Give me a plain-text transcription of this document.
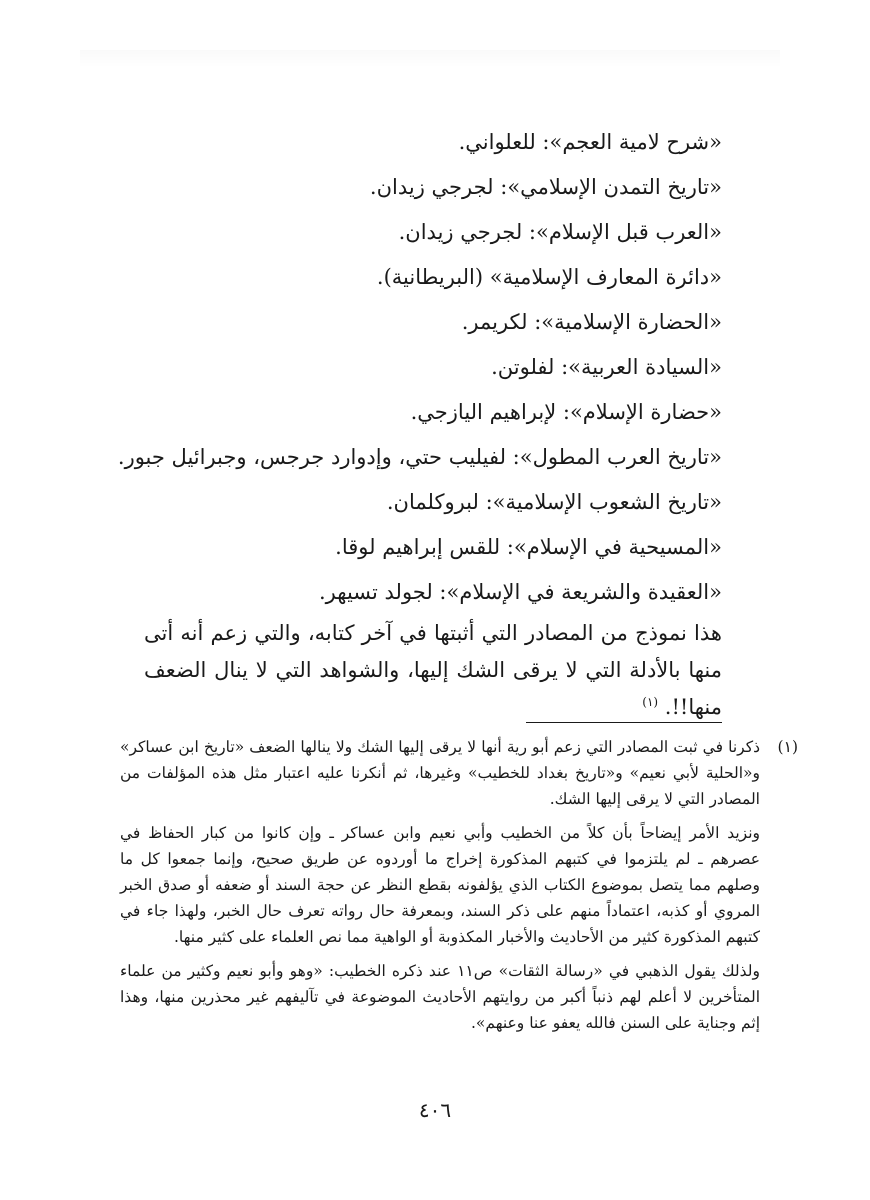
«شرح لامية العجم»: للعلواني.
«تاريخ التمدن الإسلامي»: لجرجي زيدان.
«العرب قبل الإسلام»: لجرجي زيدان.
«دائرة المعارف الإسلامية» (البريطانية).
«الحضارة الإسلامية»: لكريمر.
«السيادة العربية»: لفلوتن.
«حضارة الإسلام»: لإبراهيم اليازجي.
«تاريخ العرب المطول»: لفيليب حتي، وإدوارد جرجس، وجبرائيل جبور.
«تاريخ الشعوب الإسلامية»: لبروكلمان.
«المسيحية في الإسلام»: للقس إبراهيم لوقا.
«العقيدة والشريعة في الإسلام»: لجولد تسيهر.

هذا نموذج من المصادر التي أثبتها في آخر كتابه، والتي زعم أنه أتى منها بالأدلة التي لا يرقى الشك إليها، والشواهد التي لا ينال الضعف منها!!. $^{(١)}$

(١)
ذكرنا في ثبت المصادر التي زعم أبو رية أنها لا يرقى إليها الشك ولا ينالها الضعف «تاريخ ابن عساكر» و«الحلية لأبي نعيم» و«تاريخ بغداد للخطيب» وغيرها، ثم أنكرنا عليه اعتبار مثل هذه المؤلفات من المصادر التي لا يرقى إليها الشك.
ونزيد الأمر إيضاحاً بأن كلاً من الخطيب وأبي نعيم وابن عساكر ـ وإن كانوا من كبار الحفاظ في عصرهم ـ لم يلتزموا في كتبهم المذكورة إخراج ما أوردوه عن طريق صحيح، وإنما جمعوا كل ما وصلهم مما يتصل بموضوع الكتاب الذي يؤلفونه بقطع النظر عن حجة السند أو ضعفه أو صدق الخبر المروي أو كذبه، اعتماداً منهم على ذكر السند، وبمعرفة حال رواته تعرف حال الخبر، ولهذا جاء في كتبهم المذكورة كثير من الأحاديث والأخبار المكذوبة أو الواهية مما نص العلماء على كثير منها.
ولذلك يقول الذهبي في «رسالة الثقات» ص١١ عند ذكره الخطيب: «وهو وأبو نعيم وكثير من علماء المتأخرين لا أعلم لهم ذنباً أكبر من روايتهم الأحاديث الموضوعة في تآليفهم غير محذرين منها، وهذا إثم وجناية على السنن فالله يعفو عنا وعنهم».
٤٠٦
